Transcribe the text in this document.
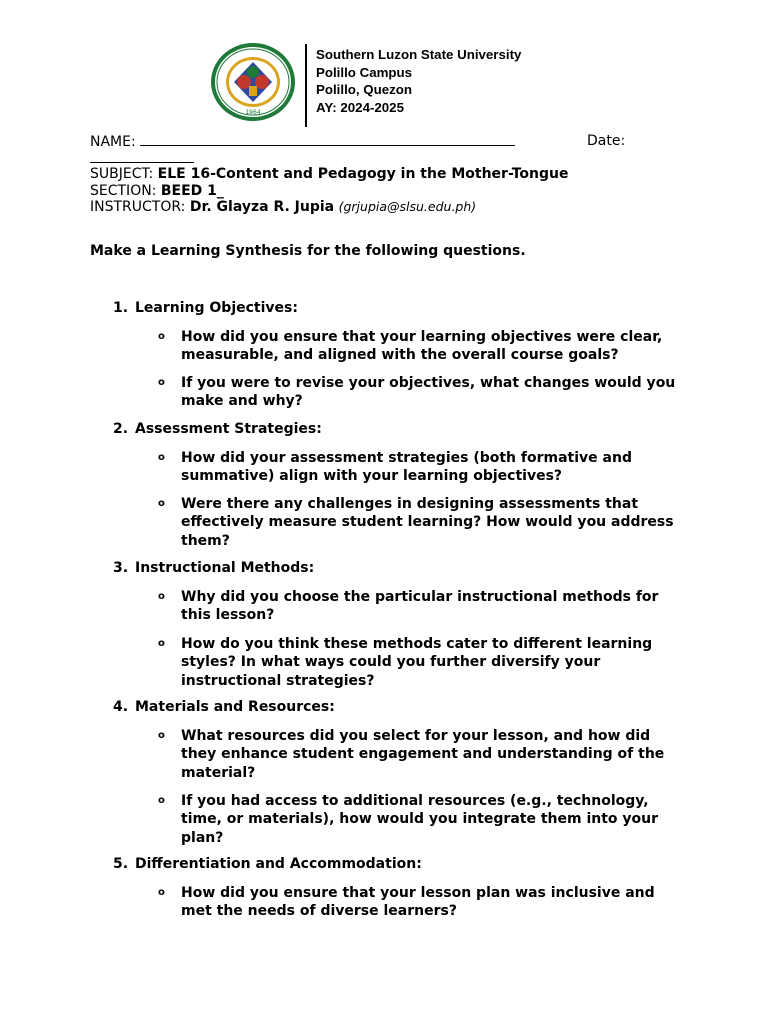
1964
Southern Luzon State University
Polillo Campus
Polillo, Quezon
AY: 2024-2025
NAME:	Date:
SUBJECT: ELE 16-Content and Pedagogy in the Mother-Tongue
SECTION: BEED 1_
INSTRUCTOR: Dr. Glayza R. Jupia (grjupia@slsu.edu.ph)
Make a Learning Synthesis for the following questions.
1. Learning Objectives:
o How did you ensure that your learning objectives were clear, measurable, and aligned with the overall course goals?
o If you were to revise your objectives, what changes would you make and why?
2. Assessment Strategies:
o How did your assessment strategies (both formative and summative) align with your learning objectives?
o Were there any challenges in designing assessments that effectively measure student learning? How would you address them?
3. Instructional Methods:
o Why did you choose the particular instructional methods for this lesson?
o How do you think these methods cater to different learning styles? In what ways could you further diversify your instructional strategies?
4. Materials and Resources:
o What resources did you select for your lesson, and how did they enhance student engagement and understanding of the material?
o If you had access to additional resources (e.g., technology, time, or materials), how would you integrate them into your plan?
5. Differentiation and Accommodation:
o How did you ensure that your lesson plan was inclusive and met the needs of diverse learners?
